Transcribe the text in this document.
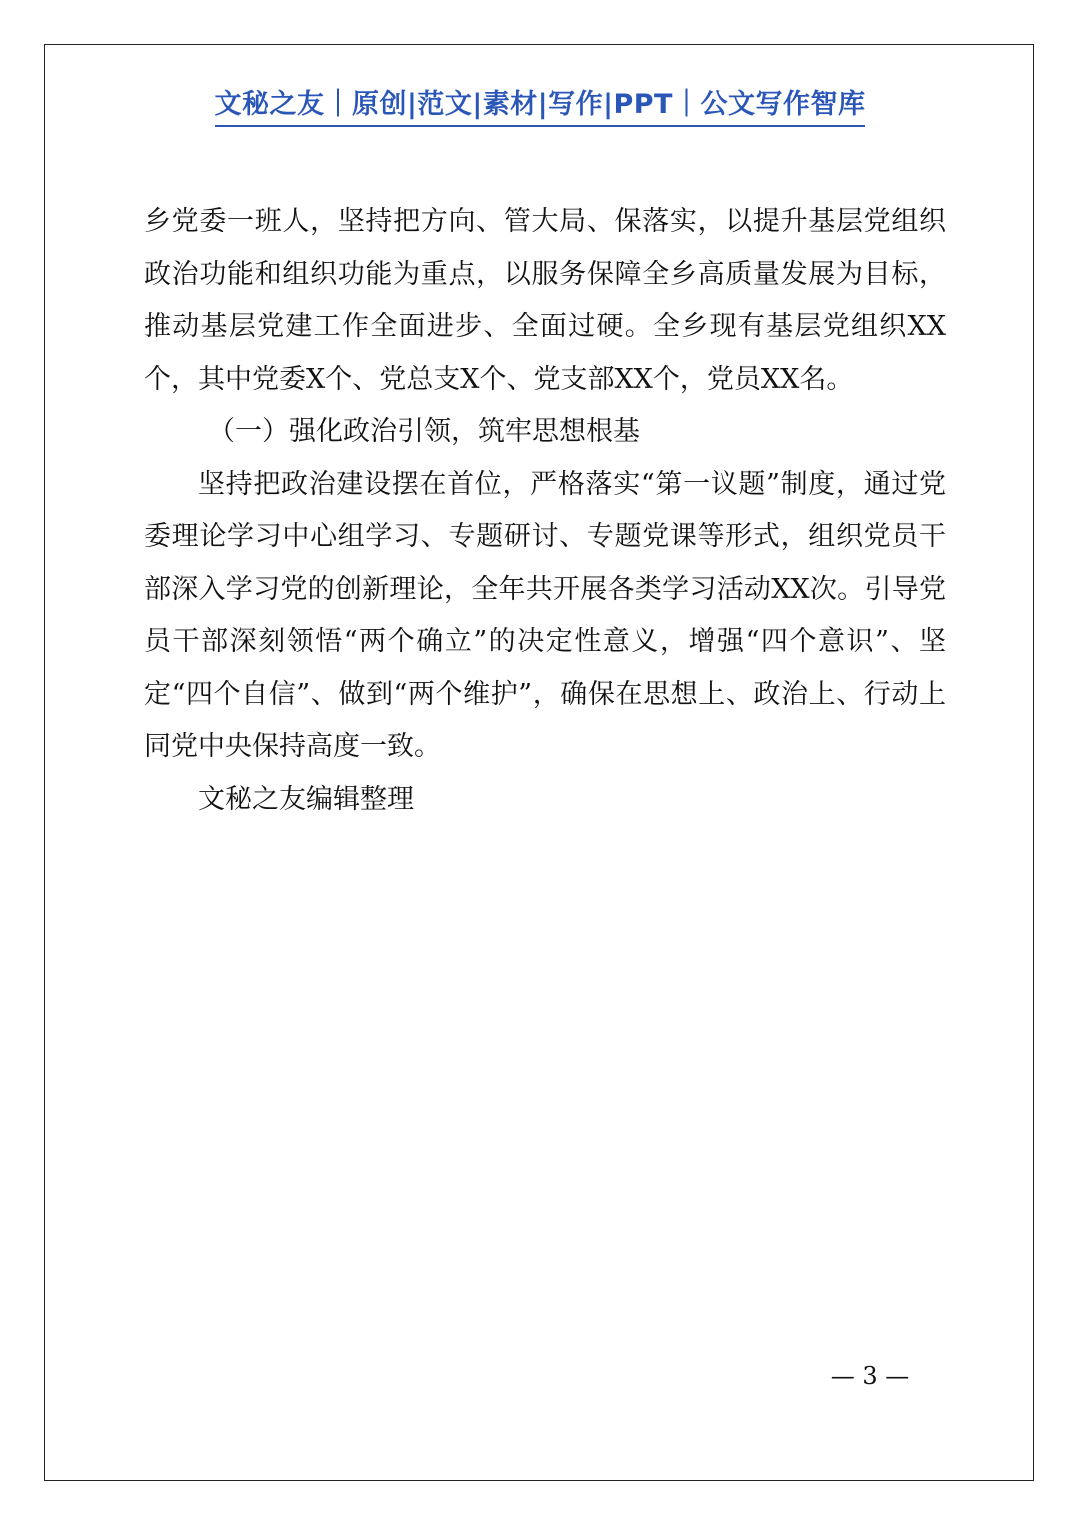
文秘之友｜原创|范文|素材|写作|PPT｜公文写作智库

乡党委一班人，坚持把方向、管大局、保落实，以提升基层党组织政治功能和组织功能为重点，以服务保障全乡高质量发展为目标，推动基层党建工作全面进步、全面过硬。全乡现有基层党组织XX个，其中党委X个、党总支X个、党支部XX个，党员XX名。

（一）强化政治引领，筑牢思想根基

坚持把政治建设摆在首位，严格落实“第一议题”制度，通过党委理论学习中心组学习、专题研讨、专题党课等形式，组织党员干部深入学习党的创新理论，全年共开展各类学习活动XX次。引导党员干部深刻领悟“两个确立”的决定性意义，增强“四个意识”、坚定“四个自信”、做到“两个维护”，确保在思想上、政治上、行动上同党中央保持高度一致。

文秘之友编辑整理

— 3 —
